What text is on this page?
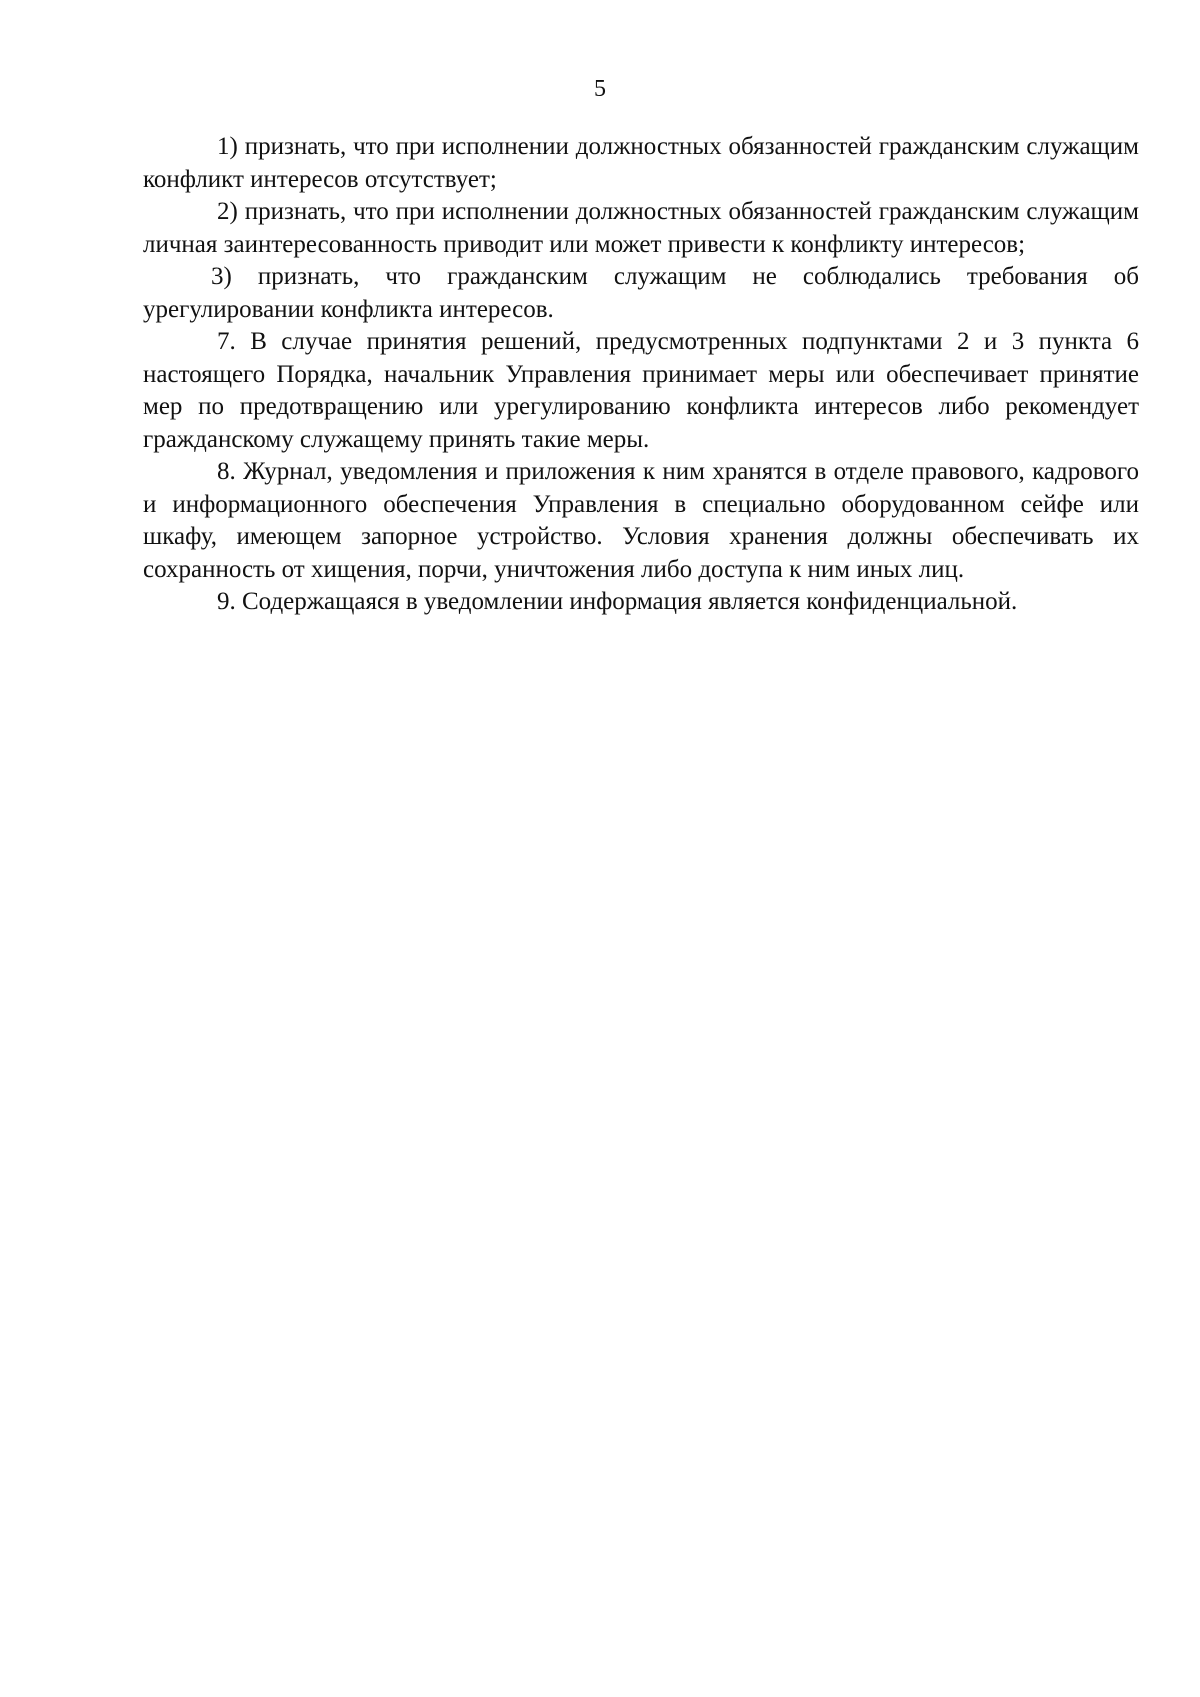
5

1) признать, что при исполнении должностных обязанностей гражданским служащим конфликт интересов отсутствует;

2) признать, что при исполнении должностных обязанностей гражданским служащим личная заинтересованность приводит или может привести к конфликту интересов;

3) признать, что гражданским служащим не соблюдались требования об урегулировании конфликта интересов.

7. В случае принятия решений, предусмотренных подпунктами 2 и 3 пункта 6 настоящего Порядка, начальник Управления принимает меры или обеспечивает принятие мер по предотвращению или урегулированию конфликта интересов либо рекомендует гражданскому служащему принять такие меры.

8. Журнал, уведомления и приложения к ним хранятся в отделе правового, кадрового и информационного обеспечения Управления в специально оборудованном сейфе или шкафу, имеющем запорное устройство. Условия хранения должны обеспечивать их сохранность от хищения, порчи, уничтожения либо доступа к ним иных лиц.

9. Содержащаяся в уведомлении информация является конфиденциальной.
